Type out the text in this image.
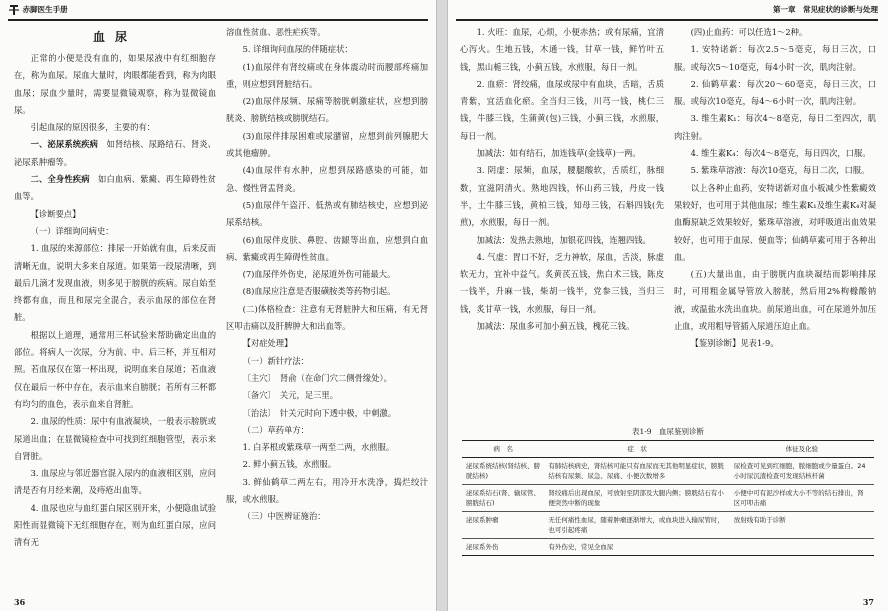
赤脚医生手册

血尿

正常的小便是没有血的，如果尿液中有红细胞存在，称为血尿。尿血大量时，肉眼都能看到，称为肉眼血尿；尿血少量时，需要显微镜观察，称为显微镜血尿。

引起血尿的原因很多，主要的有：

一、泌尿系统疾病　如肾结核、尿路结石、肾炎、泌尿系肿瘤等。

二、全身性疾病　如白血病、紫癜、再生障碍性贫血等。

【诊断要点】

（一）详细询问病史：

1. 血尿的来源部位：排尿一开始就有血，后来反而清晰无血，说明大多来自尿道。如果第一段尿清晰，到最后几滴才发现血液，则多见于膀胱的疾病。尿自始至终都有血，而且和尿完全混合，表示血尿的部位在肾脏。

根据以上道理，通常用三杯试验来帮助确定出血的部位。将病人一次尿，分为前、中、后三杯，并互相对照。若血尿仅在第一杯出现，说明血来自尿道；若血液仅在最后一杯中存在，表示血来自膀胱；若所有三杯都有均匀的血色，表示血来自肾脏。

2. 血尿的性质：尿中有血液凝块，一般表示膀胱或尿道出血；在显微镜检查中可找到红细胞管型，表示来自肾脏。

3. 血尿应与邻近器官混入尿内的血液相区别，应问清是否有月经来潮，及痔疮出血等。

4. 血尿也应与血红蛋白尿区别开来，小便隐血试验阳性而显微镜下无红细胞存在，则为血红蛋白尿，应问清有无

溶血性贫血、恶性疟疾等。

5. 详细询问血尿的伴随症状：

(1)血尿伴有肾绞痛或在身体震动时而腰部疼痛加重，则应想到肾脏结石。

(2)血尿伴尿频、尿痛等膀胱刺激症状，应想到膀胱炎、膀胱结核或膀胱结石。

(3)血尿伴排尿困难或尿潴留，应想到前列腺肥大或其他瘤肿。

(4)血尿伴有水肿，应想到尿路感染的可能，如急、慢性肾盂肾炎。

(5)血尿伴午盗汗、低热或有肺结核史，应想到泌尿系结核。

(6)血尿伴皮肤、鼻腔、齿龈等出血，应想到白血病、紫癜或再生障碍性贫血。

(7)血尿伴外伤史，泌尿道外伤可能最大。

(8)血尿应注意是否服磺胺类等药物引起。

(二)体格检查：注意有无肾脏肿大和压痛，有无肾区叩击痛以及肝脾肿大和出血等。

【对症处理】

（一）新针疗法：

〔主穴〕　肾俞（在命门穴二侧骨缘处）。

〔备穴〕　关元，足三里。

〔治法〕　针关元时向下透中极，中刺激。

（二）草药单方：

1. 白茅根或紫珠草一两至二两，水煎服。

2. 鲜小蓟五钱，水煎服。

3. 鲜仙鹤草二两左右，用冷开水洗净，捣烂绞汁服，或水煎服。

（三）中医辨证施治：

36
第一章　常见症状的诊断与处理

1. 火旺：血尿，心烦，小便赤热；或有尿痛，宜清心泻火。生地五钱，木通一钱，甘草一钱，鲜竹叶五钱，黑山栀三钱，小蓟五钱，水煎服，每日一剂。

2. 血瘀：肾绞痛，血尿或尿中有血块，舌暗，舌质青紫，宜活血化瘀。全当归三钱，川芎一钱，桃仁三钱，牛膝三钱，生蒲黄(包)三钱，小蓟三钱，水煎服，每日一剂。

加减法：如有结石，加连钱草(金钱草)一两。

3. 阴虚：尿频，血尿，腰腿酸软，舌质红，脉细数，宜滋阴清火。熟地四钱，怀山药三钱，丹皮一钱半，土牛膝三钱，黄柏三钱，知母三钱，石斛四钱(先煎)，水煎服，每日一剂。

加减法：发热去熟地，加银花四钱，连翘四钱。

4. 气虚：胃口不好，乏力神软，尿血，舌淡，脉虚软无力，宜补中益气。炙黄芪五钱，焦白术三钱，陈皮一钱半，升麻一钱，柴胡一钱半，党参三钱，当归三钱，炙甘草一钱，水煎服，每日一剂。

加减法：尿血多可加小蓟五钱，槐花三钱。

(四)止血药：可以任选1～2种。

1. 安特诺新：每次2.5～5毫克，每日三次，口服。或每次5～10毫克，每4小时一次，肌肉注射。

2. 仙鹤草素：每次20～60毫克，每日三次，口服。或每次10毫克，每4～6小时一次，肌肉注射。

3. 维生素K₁：每次4～8毫克，每日二至四次，肌肉注射。

4. 维生素K₄：每次4～8毫克，每日四次，口服。

5. 紫珠草溶液：每次10毫克，每日二次，口服。

以上各种止血药，安特诺新对血小板减少性紫癜效果较好，也可用于其他血尿；维生素K₁及维生素K₄对凝血酶原缺乏效果较好，紫珠草溶液，对呼吸道出血效果较好，也可用于血尿、便血等；仙鹤草素可用于各种出血。

(五)大量出血，由于膀胱内血块凝结而影响排尿时，可用粗金属导管放入膀胱，然后用2%枸橼酸钠液，或温盐水洗出血块。前尿道出血，可在尿道外加压止血，或用粗导管插入尿道压迫止血。

【鉴别诊断】见表1-9。

表1-9　血尿鉴别诊断
病　名	症　状	体征及化验
泌尿系统结核(肾结核、膀胱结核)	有肺结核病史，肾结核可能只有血尿而无其他明显症状，膀胱结核有尿频、尿急、尿痛、小便次数增多	尿检查可见到红细胞、脓细胞或少量蛋白。24小时尿沉渣检查可发现结核杆菌
泌尿系结石(肾、输尿管、膀胱结石)	肾绞痛后出现血尿，可放射至阴部及大腿内侧；膀胱结石有小便突然中断的现象	小便中可有泥沙样或大小不等的结石排出，肾区可叩击痛
泌尿系肿瘤	无任何痛性血尿，随着肿瘤逐渐增大，或血块进入输尿管时，也可引起疼痛	放射线有助于诊断
泌尿系外伤	有外伤史，常见全血尿	
37
